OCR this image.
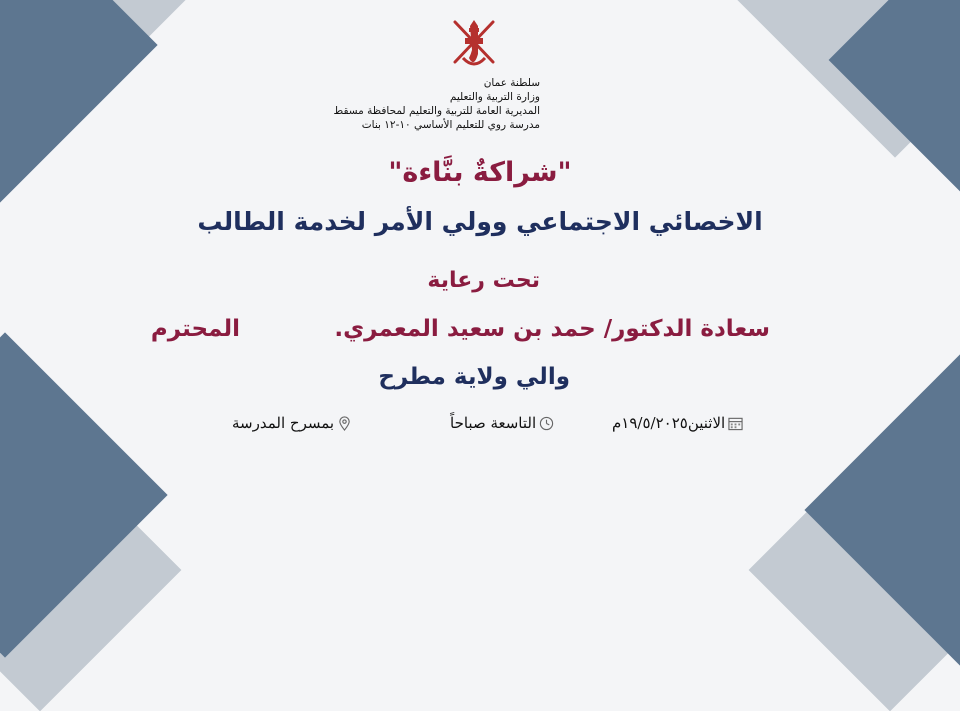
سلطنة عمان
وزارة التربية والتعليم
المديرية العامة للتربية والتعليم لمحافظة مسقط
مدرسة روي للتعليم الأساسي ١٠-١٢ بنات
"شراكةٌ بنَّاءة"
الاخصائي الاجتماعي وولي الأمر لخدمة الطالب
تحت رعاية
سعادة الدكتور/ حمد بن سعيد المعمري.
المحترم
والي ولاية مطرح
الاثنين١٩/٥/٢٠٢٥م
التاسعة صباحاً
بمسرح المدرسة
